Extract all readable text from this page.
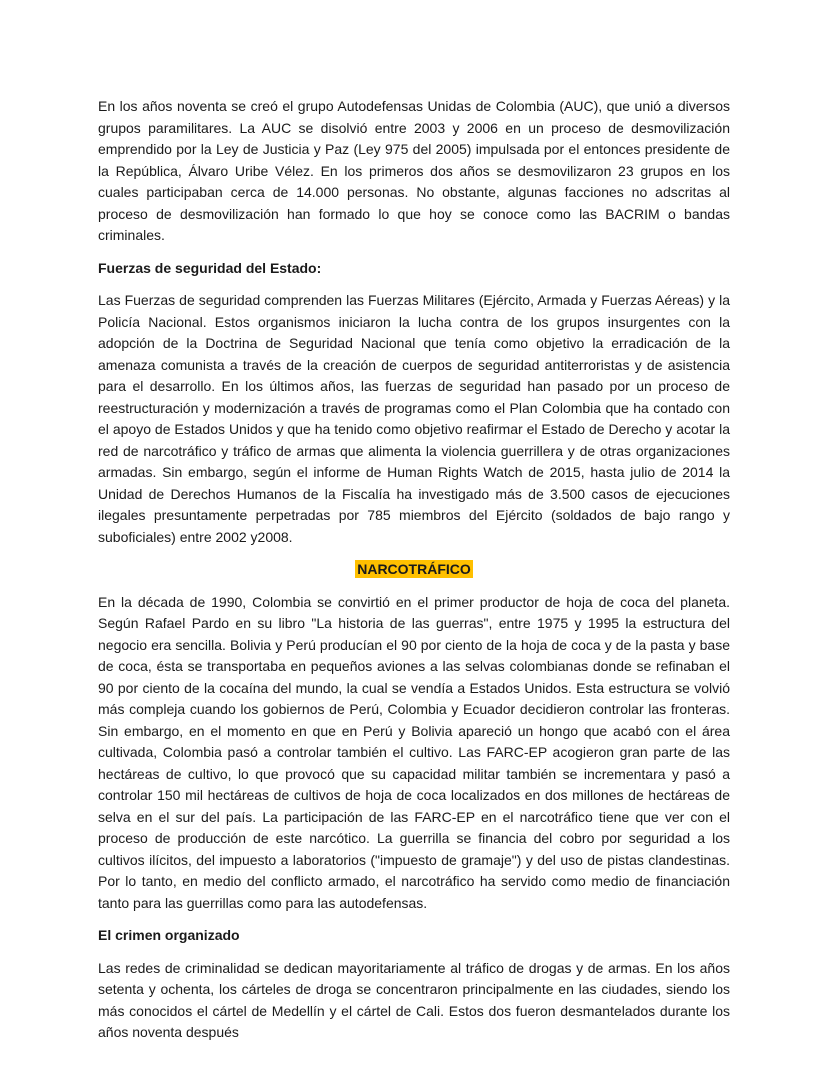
En los años noventa se creó el grupo Autodefensas Unidas de Colombia (AUC), que unió a diversos grupos paramilitares. La AUC se disolvió entre 2003 y 2006 en un proceso de desmovilización emprendido por la Ley de Justicia y Paz (Ley 975 del 2005) impulsada por el entonces presidente de la República, Álvaro Uribe Vélez. En los primeros dos años se desmovilizaron 23 grupos en los cuales participaban cerca de 14.000 personas. No obstante, algunas facciones no adscritas al proceso de desmovilización han formado lo que hoy se conoce como las BACRIM o bandas criminales.

Fuerzas de seguridad del Estado:

Las Fuerzas de seguridad comprenden las Fuerzas Militares (Ejército, Armada y Fuerzas Aéreas) y la Policía Nacional. Estos organismos iniciaron la lucha contra de los grupos insurgentes con la adopción de la Doctrina de Seguridad Nacional que tenía como objetivo la erradicación de la amenaza comunista a través de la creación de cuerpos de seguridad antiterroristas y de asistencia para el desarrollo. En los últimos años, las fuerzas de seguridad han pasado por un proceso de reestructuración y modernización a través de programas como el Plan Colombia que ha contado con el apoyo de Estados Unidos y que ha tenido como objetivo reafirmar el Estado de Derecho y acotar la red de narcotráfico y tráfico de armas que alimenta la violencia guerrillera y de otras organizaciones armadas. Sin embargo, según el informe de Human Rights Watch de 2015, hasta julio de 2014 la Unidad de Derechos Humanos de la Fiscalía ha investigado más de 3.500 casos de ejecuciones ilegales presuntamente perpetradas por 785 miembros del Ejército (soldados de bajo rango y suboficiales) entre 2002 y2008.

NARCOTRÁFICO

En la década de 1990, Colombia se convirtió en el primer productor de hoja de coca del planeta. Según Rafael Pardo en su libro "La historia de las guerras", entre 1975 y 1995 la estructura del negocio era sencilla. Bolivia y Perú producían el 90 por ciento de la hoja de coca y de la pasta y base de coca, ésta se transportaba en pequeños aviones a las selvas colombianas donde se refinaban el 90 por ciento de la cocaína del mundo, la cual se vendía a Estados Unidos. Esta estructura se volvió más compleja cuando los gobiernos de Perú, Colombia y Ecuador decidieron controlar las fronteras. Sin embargo, en el momento en que en Perú y Bolivia apareció un hongo que acabó con el área cultivada, Colombia pasó a controlar también el cultivo. Las FARC-EP acogieron gran parte de las hectáreas de cultivo, lo que provocó que su capacidad militar también se incrementara y pasó a controlar 150 mil hectáreas de cultivos de hoja de coca localizados en dos millones de hectáreas de selva en el sur del país. La participación de las FARC-EP en el narcotráfico tiene que ver con el proceso de producción de este narcótico. La guerrilla se financia del cobro por seguridad a los cultivos ilícitos, del impuesto a laboratorios ("impuesto de gramaje") y del uso de pistas clandestinas. Por lo tanto, en medio del conflicto armado, el narcotráfico ha servido como medio de financiación tanto para las guerrillas como para las autodefensas.

El crimen organizado

Las redes de criminalidad se dedican mayoritariamente al tráfico de drogas y de armas. En los años setenta y ochenta, los cárteles de droga se concentraron principalmente en las ciudades, siendo los más conocidos el cártel de Medellín y el cártel de Cali. Estos dos fueron desmantelados durante los años noventa después
